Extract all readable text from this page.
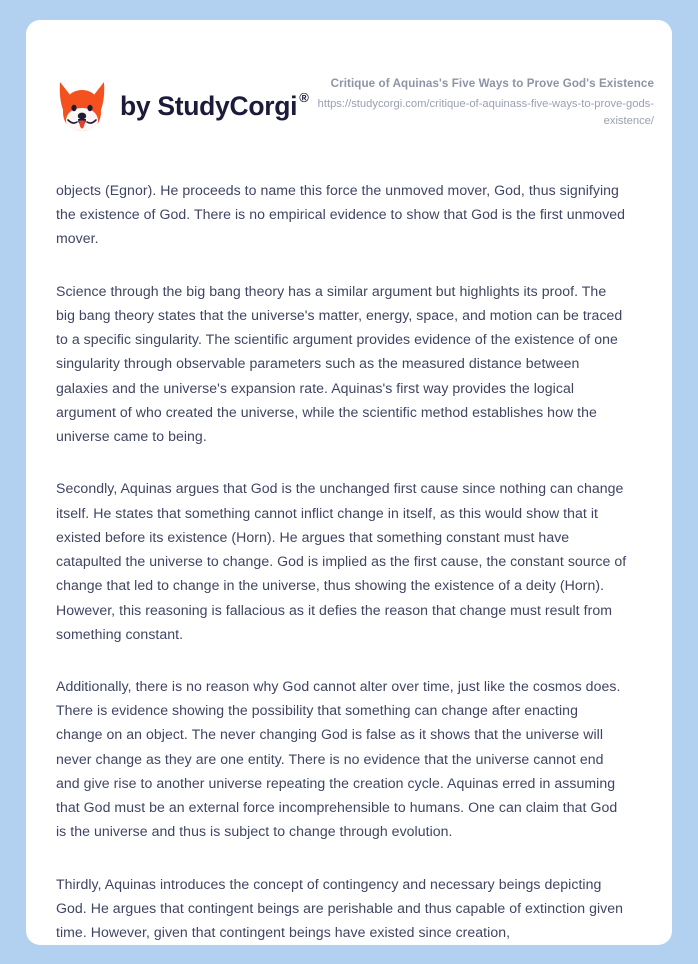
by StudyCorgi ®
Critique of Aquinas's Five Ways to Prove God's Existence
https://studycorgi.com/critique-of-aquinass-five-ways-to-prove-gods-existence/

objects (Egnor). He proceeds to name this force the unmoved mover, God, thus signifying the existence of God. There is no empirical evidence to show that God is the first unmoved mover.

Science through the big bang theory has a similar argument but highlights its proof. The big bang theory states that the universe's matter, energy, space, and motion can be traced to a specific singularity. The scientific argument provides evidence of the existence of one singularity through observable parameters such as the measured distance between galaxies and the universe's expansion rate. Aquinas's first way provides the logical argument of who created the universe, while the scientific method establishes how the universe came to being.

Secondly, Aquinas argues that God is the unchanged first cause since nothing can change itself. He states that something cannot inflict change in itself, as this would show that it existed before its existence (Horn). He argues that something constant must have catapulted the universe to change. God is implied as the first cause, the constant source of change that led to change in the universe, thus showing the existence of a deity (Horn). However, this reasoning is fallacious as it defies the reason that change must result from something constant.

Additionally, there is no reason why God cannot alter over time, just like the cosmos does. There is evidence showing the possibility that something can change after enacting change on an object. The never changing God is false as it shows that the universe will never change as they are one entity. There is no evidence that the universe cannot end and give rise to another universe repeating the creation cycle. Aquinas erred in assuming that God must be an external force incomprehensible to humans. One can claim that God is the universe and thus is subject to change through evolution.

Thirdly, Aquinas introduces the concept of contingency and necessary beings depicting God. He argues that contingent beings are perishable and thus capable of extinction given time. However, given that contingent beings have existed since creation,
